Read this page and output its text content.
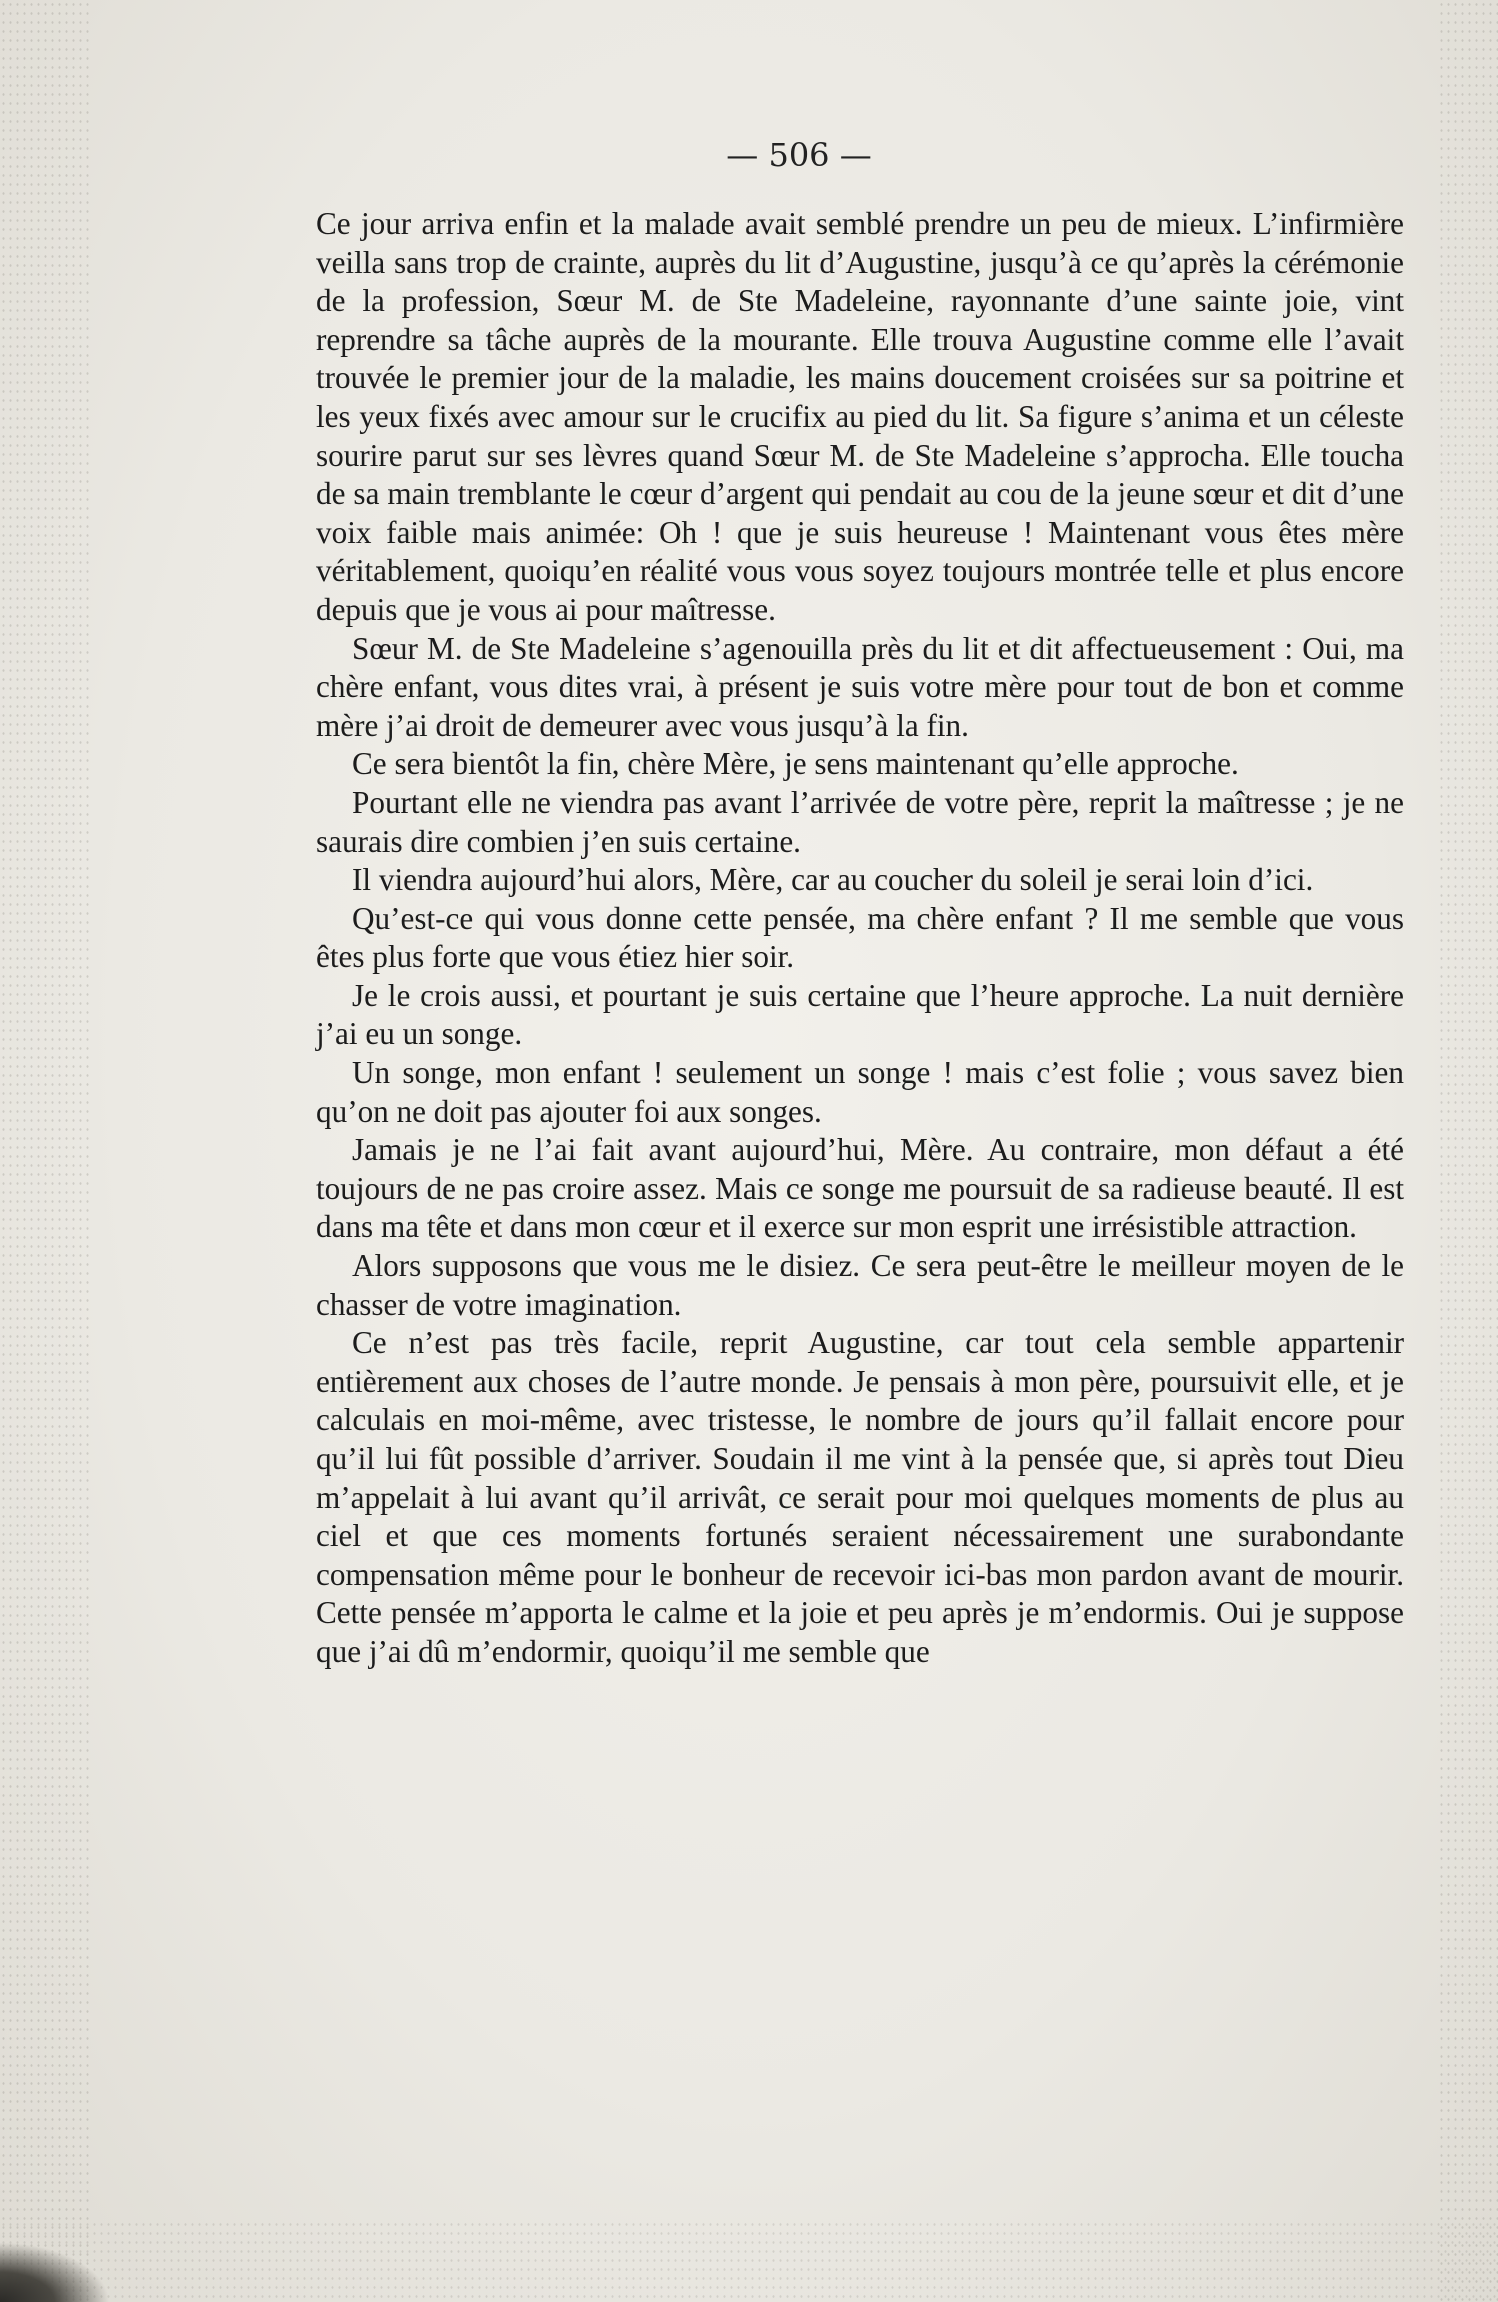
— 506 —

Ce jour arriva enfin et la malade avait semblé prendre un peu de mieux. L’infirmière veilla sans trop de crainte, auprès du lit d’Augustine, jusqu’à ce qu’après la cérémonie de la profession, Sœur M. de Ste Madeleine, rayonnante d’une sainte joie, vint reprendre sa tâche auprès de la mourante. Elle trouva Augustine comme elle l’avait trouvée le premier jour de la maladie, les mains doucement croisées sur sa poitrine et les yeux fixés avec amour sur le crucifix au pied du lit. Sa figure s’anima et un céleste sourire parut sur ses lèvres quand Sœur M. de Ste Madeleine s’approcha. Elle toucha de sa main tremblante le cœur d’argent qui pendait au cou de la jeune sœur et dit d’une voix faible mais animée: Oh ! que je suis heureuse ! Maintenant vous êtes mère véritablement, quoiqu’en réalité vous vous soyez toujours montrée telle et plus encore depuis que je vous ai pour maîtresse.

Sœur M. de Ste Madeleine s’agenouilla près du lit et dit affectueusement : Oui, ma chère enfant, vous dites vrai, à présent je suis votre mère pour tout de bon et comme mère j’ai droit de demeurer avec vous jusqu’à la fin.

Ce sera bientôt la fin, chère Mère, je sens maintenant qu’elle approche.

Pourtant elle ne viendra pas avant l’arrivée de votre père, reprit la maîtresse ; je ne saurais dire combien j’en suis certaine.

Il viendra aujourd’hui alors, Mère, car au coucher du soleil je serai loin d’ici.

Qu’est-ce qui vous donne cette pensée, ma chère enfant ? Il me semble que vous êtes plus forte que vous étiez hier soir.

Je le crois aussi, et pourtant je suis certaine que l’heure approche. La nuit dernière j’ai eu un songe.

Un songe, mon enfant ! seulement un songe ! mais c’est folie ; vous savez bien qu’on ne doit pas ajouter foi aux songes.

Jamais je ne l’ai fait avant aujourd’hui, Mère. Au contraire, mon défaut a été toujours de ne pas croire assez. Mais ce songe me poursuit de sa radieuse beauté. Il est dans ma tête et dans mon cœur et il exerce sur mon esprit une irrésistible attraction.

Alors supposons que vous me le disiez. Ce sera peut-être le meilleur moyen de le chasser de votre imagination.

Ce n’est pas très facile, reprit Augustine, car tout cela semble appartenir entièrement aux choses de l’autre monde. Je pensais à mon père, poursuivit elle, et je calculais en moi-même, avec tristesse, le nombre de jours qu’il fallait encore pour qu’il lui fût possible d’arriver. Soudain il me vint à la pensée que, si après tout Dieu m’appelait à lui avant qu’il arrivât, ce serait pour moi quelques moments de plus au ciel et que ces moments fortunés seraient nécessairement une surabondante compensation même pour le bonheur de recevoir ici-bas mon pardon avant de mourir. Cette pensée m’apporta le calme et la joie et peu après je m’endormis. Oui je suppose que j’ai dû m’endormir, quoiqu’il me semble que
